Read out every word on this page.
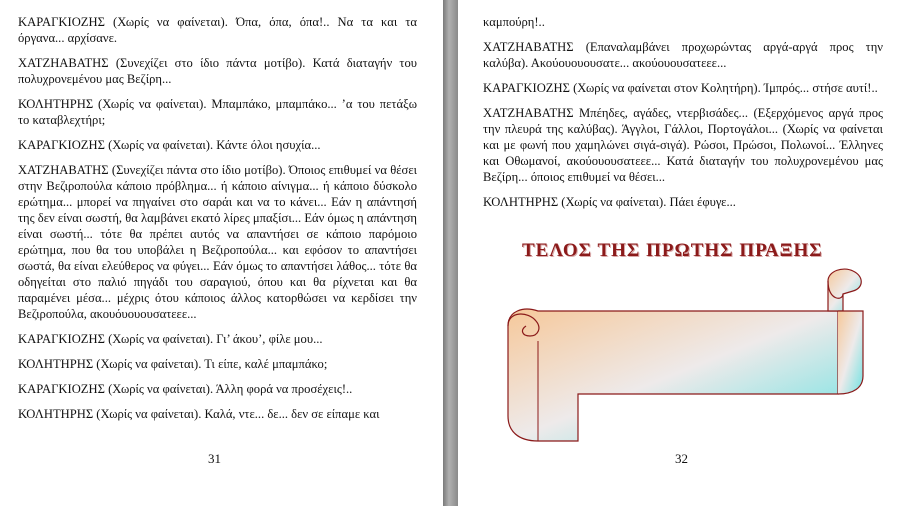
ΚΑΡΑΓΚΙΟΖΗΣ (Χωρίς να φαίνεται). Όπα, όπα, όπα!.. Να τα και τα όργανα... αρχίσανε.

ΧΑΤΖΗΑΒΑΤΗΣ (Συνεχίζει στο ίδιο πάντα μοτίβο). Κατά διαταγήν του πολυχρονεμένου μας Βεζίρη...

ΚΟΛΗΤΗΡΗΣ (Χωρίς να φαίνεται). Μπαμπάκο, μπαμπάκο... ’α του πετάξω το καταβλεχτήρι;

ΚΑΡΑΓΚΙΟΖΗΣ (Χωρίς να φαίνεται). Κάντε όλοι ησυχία...

ΧΑΤΖΗΑΒΑΤΗΣ (Συνεχίζει πάντα στο ίδιο μοτίβο). Όποιος επιθυμεί να θέσει στην Βεζιροπούλα κάποιο πρόβλημα... ή κάποιο αίνιγμα... ή κάποιο δύσκολο ερώτημα... μπορεί να πηγαίνει στο σαράι και να το κάνει... Εάν η απάντησή της δεν είναι σωστή, θα λαμβάνει εκατό λίρες μπαξίσι... Εάν όμως η απάντηση είναι σωστή... τότε θα πρέπει αυτός να απαντήσει σε κάποιο παρόμοιο ερώτημα, που θα του υποβάλει η Βεζιροπούλα... και εφόσον το απαντήσει σωστά, θα είναι ελεύθερος να φύγει... Εάν όμως το απαντήσει λάθος... τότε θα οδηγείται στο παλιό πηγάδι του σαραγιού, όπου και θα ρίχνεται και θα παραμένει μέσα... μέχρις ότου κάποιος άλλος κατορθώσει να κερδίσει την Βεζιροπούλα, ακουόυουουσατεεε...

ΚΑΡΑΓΚΙΟΖΗΣ (Χωρίς να φαίνεται). Γι’ άκου’, φίλε μου...

ΚΟΛΗΤΗΡΗΣ (Χωρίς να φαίνεται). Τι είπε, καλέ μπαμπάκο;

ΚΑΡΑΓΚΙΟΖΗΣ (Χωρίς να φαίνεται). Άλλη φορά να προσέχεις!..

ΚΟΛΗΤΗΡΗΣ (Χωρίς να φαίνεται). Καλά, ντε... δε... δεν σε είπαμε και

31

καμπούρη!..

ΧΑΤΖΗΑΒΑΤΗΣ (Επαναλαμβάνει προχωρώντας αργά-αργά προς την καλύβα). Ακούουουουσατε... ακούουουσατεεε...

ΚΑΡΑΓΚΙΟΖΗΣ (Χωρίς να φαίνεται στον Κολητήρη). Ίμπρός... στήσε αυτί!..

ΧΑΤΖΗΑΒΑΤΗΣ Μπέηδες, αγάδες, ντερβισάδες... (Εξερχόμενος αργά προς την πλευρά της καλύβας). Άγγλοι, Γάλλοι, Πορτογάλοι... (Χωρίς να φαίνεται και με φωνή που χαμηλώνει σιγά-σιγά). Ρώσοι, Πρώσοι, Πολωνοί... Έλληνες και Οθωμανοί, ακούουουσατεεε... Κατά διαταγήν του πολυχρονεμένου μας Βεζίρη... όποιος επιθυμεί να θέσει...

ΚΟΛΗΤΗΡΗΣ (Χωρίς να φαίνεται). Πάει έφυγε...

ΤΕΛΟΣ ΤΗΣ ΠΡΩΤΗΣ ΠΡΑΞΗΣ
32
